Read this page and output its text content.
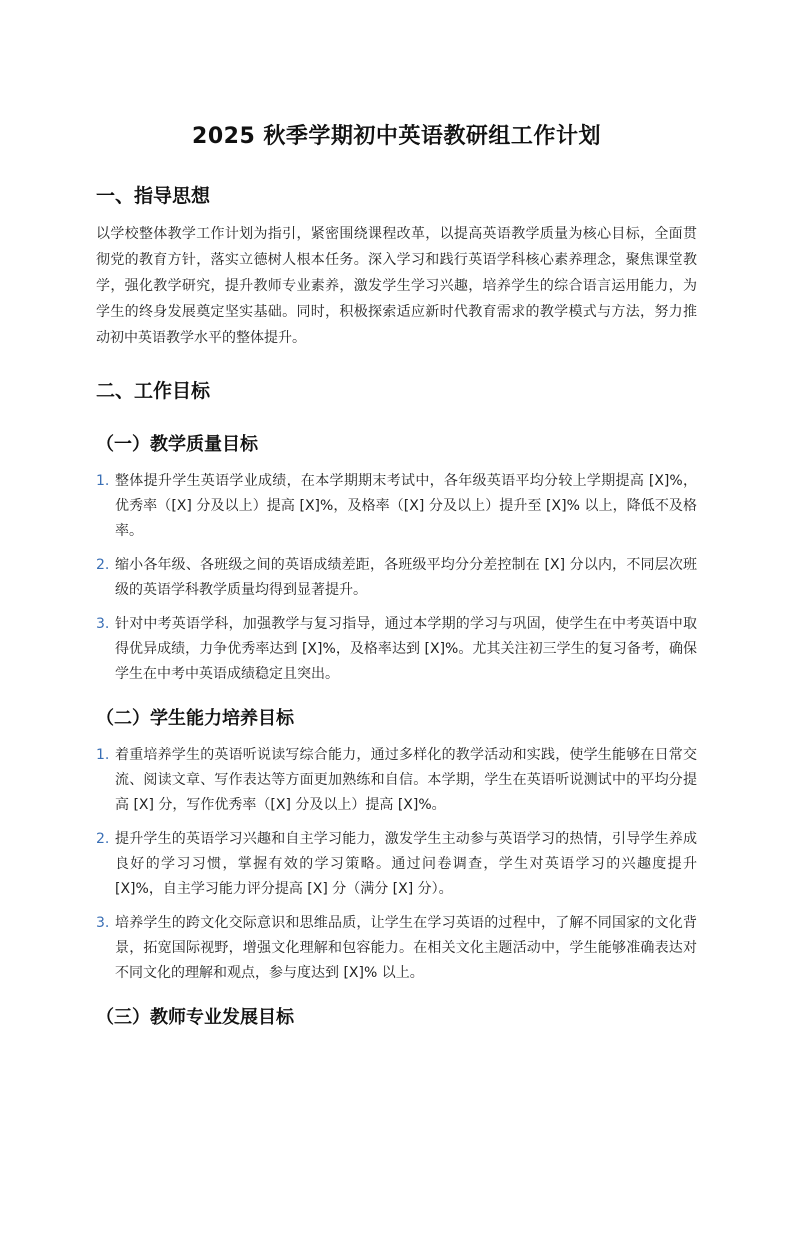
2025 秋季学期初中英语教研组工作计划
一、指导思想

以学校整体教学工作计划为指引，紧密围绕课程改革，以提高英语教学质量为核心目标，全面贯彻党的教育方针，落实立德树人根本任务。深入学习和践行英语学科核心素养理念，聚焦课堂教学，强化教学研究，提升教师专业素养，激发学生学习兴趣，培养学生的综合语言运用能力，为学生的终身发展奠定坚实基础。同时，积极探索适应新时代教育需求的教学模式与方法，努力推动初中英语教学水平的整体提升。

二、工作目标
（一）教学质量目标
1. 整体提升学生英语学业成绩，在本学期期末考试中，各年级英语平均分较上学期提高 [X]%，优秀率（[X] 分及以上）提高 [X]%，及格率（[X] 分及以上）提升至 [X]% 以上，降低不及格率。
2. 缩小各年级、各班级之间的英语成绩差距，各班级平均分分差控制在 [X] 分以内，不同层次班级的英语学科教学质量均得到显著提升。
3. 针对中考英语学科，加强教学与复习指导，通过本学期的学习与巩固，使学生在中考英语中取得优异成绩，力争优秀率达到 [X]%，及格率达到 [X]%。尤其关注初三学生的复习备考，确保学生在中考中英语成绩稳定且突出。
（二）学生能力培养目标
1. 着重培养学生的英语听说读写综合能力，通过多样化的教学活动和实践，使学生能够在日常交流、阅读文章、写作表达等方面更加熟练和自信。本学期，学生在英语听说测试中的平均分提高 [X] 分，写作优秀率（[X] 分及以上）提高 [X]%。
2. 提升学生的英语学习兴趣和自主学习能力，激发学生主动参与英语学习的热情，引导学生养成良好的学习习惯，掌握有效的学习策略。通过问卷调查，学生对英语学习的兴趣度提升 [X]%，自主学习能力评分提高 [X] 分（满分 [X] 分）。
3. 培养学生的跨文化交际意识和思维品质，让学生在学习英语的过程中，了解不同国家的文化背景，拓宽国际视野，增强文化理解和包容能力。在相关文化主题活动中，学生能够准确表达对不同文化的理解和观点，参与度达到 [X]% 以上。
（三）教师专业发展目标
